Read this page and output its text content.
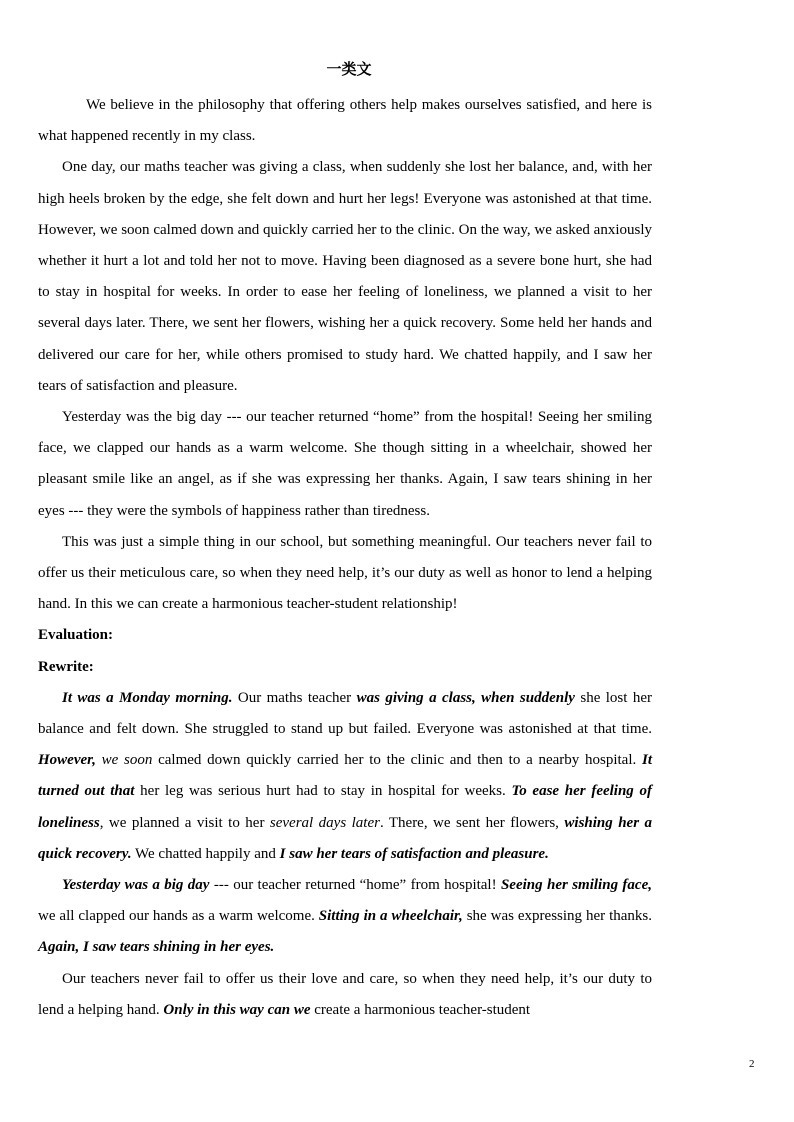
一类文

We believe in the philosophy that offering others help makes ourselves satisfied, and here is what happened recently in my class.

One day, our maths teacher was giving a class, when suddenly she lost her balance, and, with her high heels broken by the edge, she felt down and hurt her legs! Everyone was astonished at that time. However, we soon calmed down and quickly carried her to the clinic. On the way, we asked anxiously whether it hurt a lot and told her not to move. Having been diagnosed as a severe bone hurt, she had to stay in hospital for weeks. In order to ease her feeling of loneliness, we planned a visit to her several days later. There, we sent her flowers, wishing her a quick recovery. Some held her hands and delivered our care for her, while others promised to study hard. We chatted happily, and I saw her tears of satisfaction and pleasure.

Yesterday was the big day --- our teacher returned “home” from the hospital! Seeing her smiling face, we clapped our hands as a warm welcome. She though sitting in a wheelchair, showed her pleasant smile like an angel, as if she was expressing her thanks. Again, I saw tears shining in her eyes --- they were the symbols of happiness rather than tiredness.

This was just a simple thing in our school, but something meaningful. Our teachers never fail to offer us their meticulous care, so when they need help, it’s our duty as well as honor to lend a helping hand. In this we can create a harmonious teacher-student relationship!

Evaluation:
Rewrite:

It was a Monday morning. Our maths teacher was giving a class, when suddenly she lost her balance and felt down. She struggled to stand up but failed. Everyone was astonished at that time. However, we soon calmed down quickly carried her to the clinic and then to a nearby hospital. It turned out that her leg was serious hurt had to stay in hospital for weeks. To ease her feeling of loneliness, we planned a visit to her several days later. There, we sent her flowers, wishing her a quick recovery. We chatted happily and I saw her tears of satisfaction and pleasure.

Yesterday was a big day --- our teacher returned “home” from hospital! Seeing her smiling face, we all clapped our hands as a warm welcome. Sitting in a wheelchair, she was expressing her thanks. Again, I saw tears shining in her eyes.

Our teachers never fail to offer us their love and care, so when they need help, it’s our duty to lend a helping hand. Only in this way can we create a harmonious teacher-student

2
